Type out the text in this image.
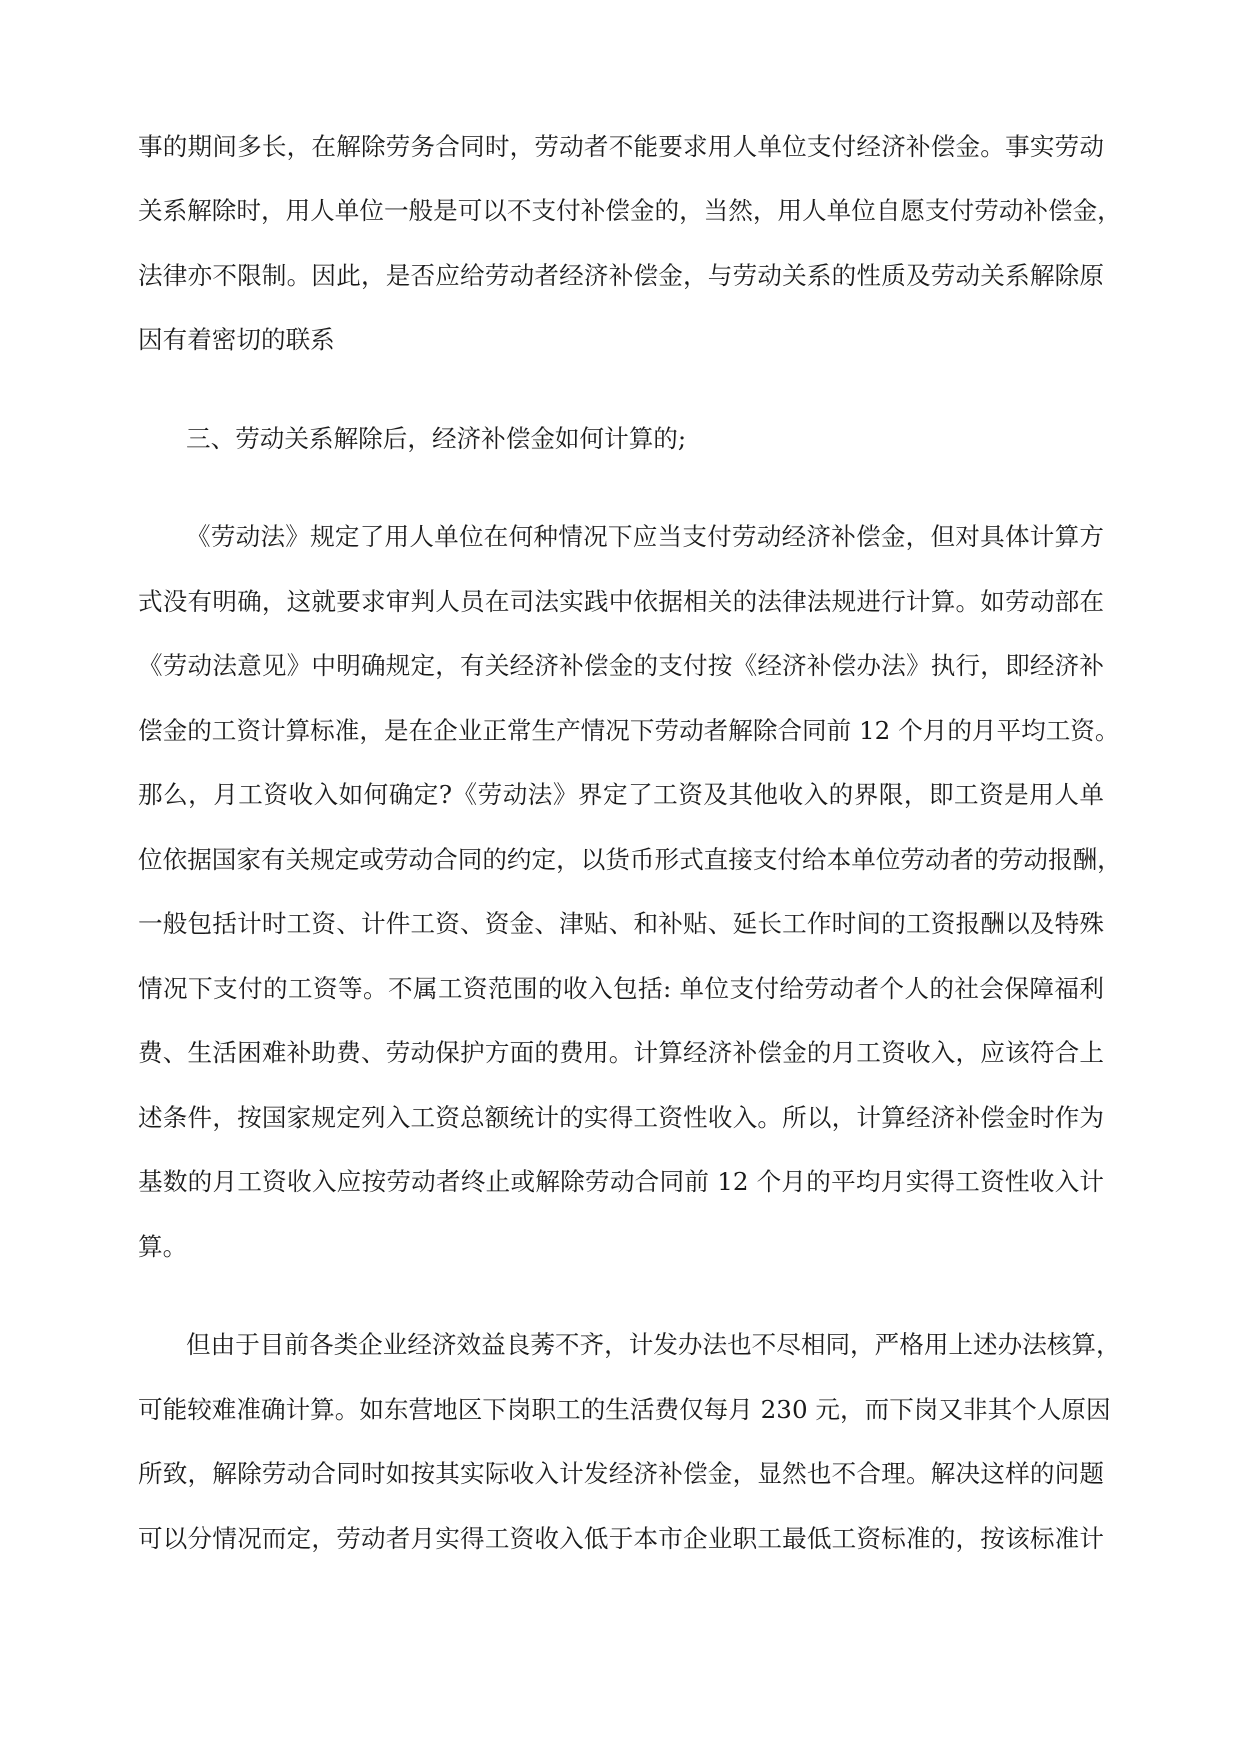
事的期间多长，在解除劳务合同时，劳动者不能要求用人单位支付经济补偿金。事实劳动
关系解除时，用人单位一般是可以不支付补偿金的，当然，用人单位自愿支付劳动补偿金，
法律亦不限制。因此，是否应给劳动者经济补偿金，与劳动关系的性质及劳动关系解除原
因有着密切的联系
三、劳动关系解除后，经济补偿金如何计算的;
《劳动法》规定了用人单位在何种情况下应当支付劳动经济补偿金，但对具体计算方
式没有明确，这就要求审判人员在司法实践中依据相关的法律法规进行计算。如劳动部在
《劳动法意见》中明确规定，有关经济补偿金的支付按《经济补偿办法》执行，即经济补
偿金的工资计算标准，是在企业正常生产情况下劳动者解除合同前 12 个月的月平均工资。
那么，月工资收入如何确定?《劳动法》界定了工资及其他收入的界限，即工资是用人单
位依据国家有关规定或劳动合同的约定，以货币形式直接支付给本单位劳动者的劳动报酬，
一般包括计时工资、计件工资、资金、津贴、和补贴、延长工作时间的工资报酬以及特殊
情况下支付的工资等。不属工资范围的收入包括: 单位支付给劳动者个人的社会保障福利
费、生活困难补助费、劳动保护方面的费用。计算经济补偿金的月工资收入，应该符合上
述条件，按国家规定列入工资总额统计的实得工资性收入。所以，计算经济补偿金时作为
基数的月工资收入应按劳动者终止或解除劳动合同前 12 个月的平均月实得工资性收入计
算。
但由于目前各类企业经济效益良莠不齐，计发办法也不尽相同，严格用上述办法核算，
可能较难准确计算。如东营地区下岗职工的生活费仅每月 230 元，而下岗又非其个人原因
所致，解除劳动合同时如按其实际收入计发经济补偿金，显然也不合理。解决这样的问题
可以分情况而定，劳动者月实得工资收入低于本市企业职工最低工资标准的，按该标准计
